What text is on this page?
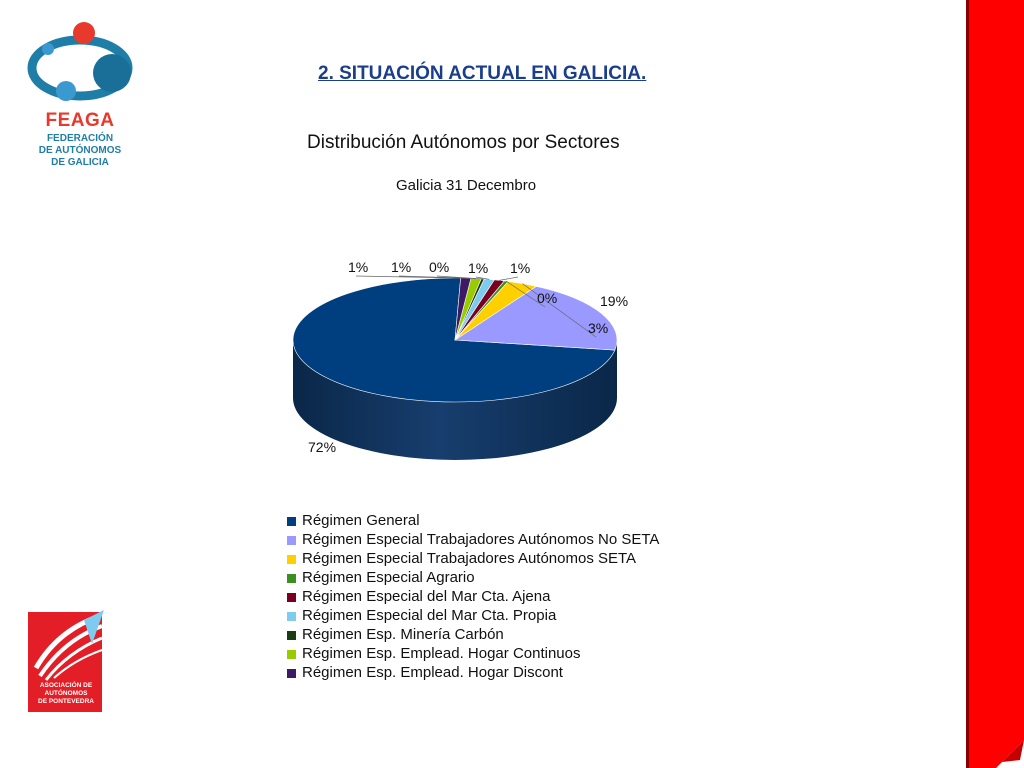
FEAGA
FEDERACIÓN
DE AUTÓNOMOS
DE GALICIA
ASOCIACIÓN DE
AUTÓNOMOS
DE PONTEVEDRA
2. SITUACIÓN ACTUAL EN GALICIA.
Distribución Autónomos por Sectores
Galicia 31 Decembro
72%
19%
3%
0%
1%
1%
0%
1%
1%
Régimen General
Régimen Especial Trabajadores Autónomos No SETA
Régimen Especial Trabajadores Autónomos SETA
Régimen Especial Agrario
Régimen Especial del Mar Cta. Ajena
Régimen Especial del Mar Cta. Propia
Régimen Esp. Minería Carbón
Régimen Esp. Emplead. Hogar Continuos
Régimen Esp. Emplead. Hogar Discont
